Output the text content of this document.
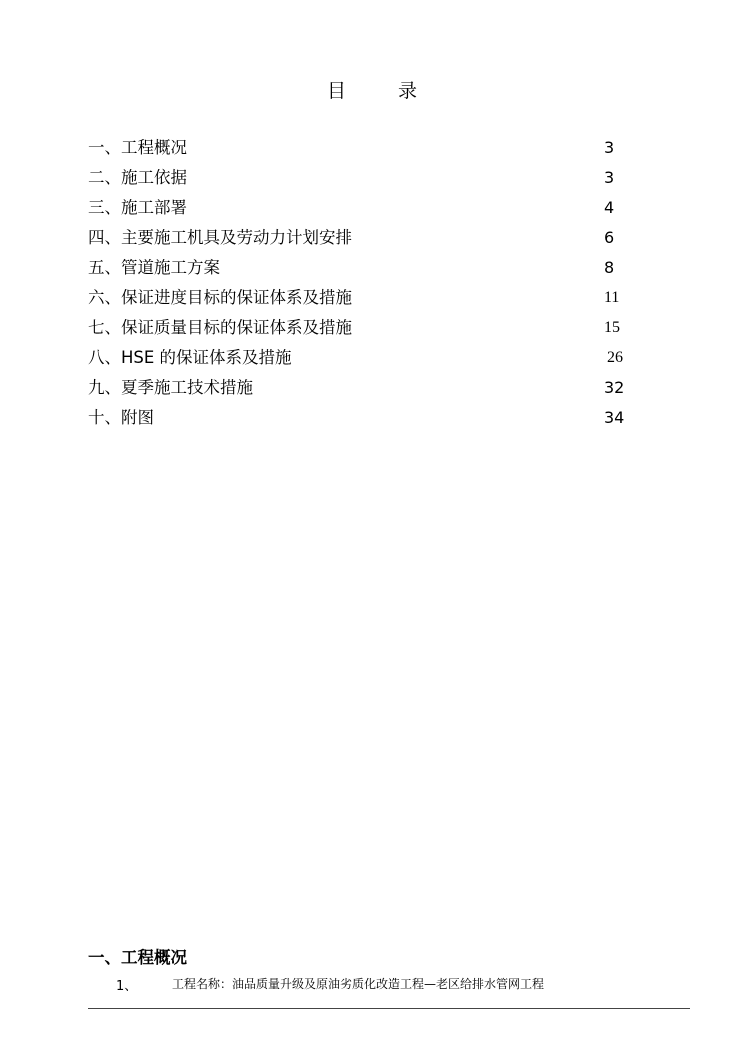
目	录
一、工程概况	3
二、施工依据	3
三、施工部署	4
四、主要施工机具及劳动力计划安排	6
五、管道施工方案	8
六、保证进度目标的保证体系及措施	11
七、保证质量目标的保证体系及措施	15
八、HSE 的保证体系及措施	26
九、夏季施工技术措施	32
十、附图	34
一、工程概况
1、	工程名称：油品质量升级及原油劣质化改造工程—老区给排水管网工程
